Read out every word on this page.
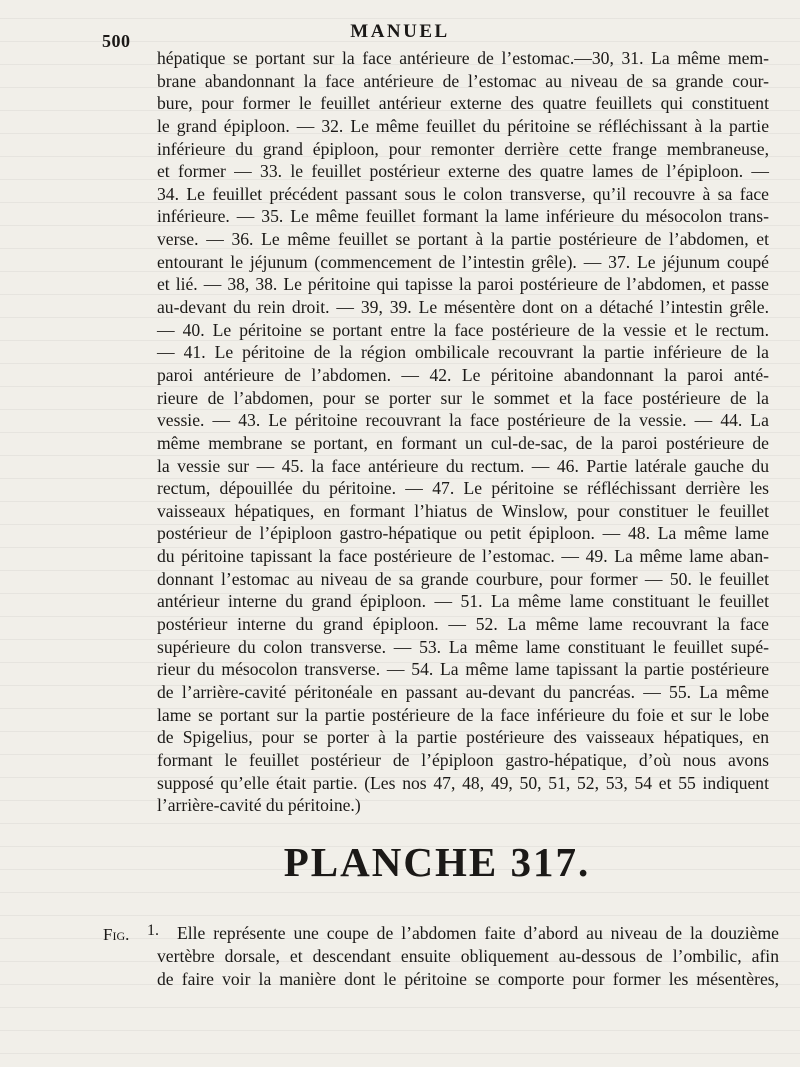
500	MANUEL
hépatique se portant sur la face antérieure de l’estomac.—30, 31. La même mem-
brane abandonnant la face antérieure de l’estomac au niveau de sa grande cour-
bure, pour former le feuillet antérieur externe des quatre feuillets qui constituent
le grand épiploon. — 32. Le même feuillet du péritoine se réfléchissant à la partie
inférieure du grand épiploon, pour remonter derrière cette frange membraneuse,
et former — 33. le feuillet postérieur externe des quatre lames de l’épiploon. —
34. Le feuillet précédent passant sous le colon transverse, qu’il recouvre à sa face
inférieure. — 35. Le même feuillet formant la lame inférieure du mésocolon trans-
verse. — 36. Le même feuillet se portant à la partie postérieure de l’abdomen, et
entourant le jéjunum (commencement de l’intestin grêle). — 37. Le jéjunum coupé
et lié. — 38, 38. Le péritoine qui tapisse la paroi postérieure de l’abdomen, et passe
au-devant du rein droit. — 39, 39. Le mésentère dont on a détaché l’intestin grêle.
— 40. Le péritoine se portant entre la face postérieure de la vessie et le rectum.
— 41. Le péritoine de la région ombilicale recouvrant la partie inférieure de la
paroi antérieure de l’abdomen. — 42. Le péritoine abandonnant la paroi anté-
rieure de l’abdomen, pour se porter sur le sommet et la face postérieure de la
vessie. — 43. Le péritoine recouvrant la face postérieure de la vessie. — 44. La
même membrane se portant, en formant un cul-de-sac, de la paroi postérieure de
la vessie sur — 45. la face antérieure du rectum. — 46. Partie latérale gauche du
rectum, dépouillée du péritoine. — 47. Le péritoine se réfléchissant derrière les
vaisseaux hépatiques, en formant l’hiatus de Winslow, pour constituer le feuillet
postérieur de l’épiploon gastro-hépatique ou petit épiploon. — 48. La même lame
du péritoine tapissant la face postérieure de l’estomac. — 49. La même lame aban-
donnant l’estomac au niveau de sa grande courbure, pour former — 50. le feuillet
antérieur interne du grand épiploon. — 51. La même lame constituant le feuillet
postérieur interne du grand épiploon. — 52. La même lame recouvrant la face
supérieure du colon transverse. — 53. La même lame constituant le feuillet supé-
rieur du mésocolon transverse. — 54. La même lame tapissant la partie postérieure
de l’arrière-cavité péritonéale en passant au-devant du pancréas. — 55. La même
lame se portant sur la partie postérieure de la face inférieure du foie et sur le lobe
de Spigelius, pour se porter à la partie postérieure des vaisseaux hépatiques, en
formant le feuillet postérieur de l’épiploon gastro-hépatique, d’où nous avons
supposé qu’elle était partie. (Les nos 47, 48, 49, 50, 51, 52, 53, 54 et 55 indiquent
l’arrière-cavité du péritoine.)
PLANCHE 317.
Fig. 1.	Elle représente une coupe de l’abdomen faite d’abord au niveau de la douzième
vertèbre dorsale, et descendant ensuite obliquement au-dessous de l’ombilic, afin
de faire voir la manière dont le péritoine se comporte pour former les mésentères,
